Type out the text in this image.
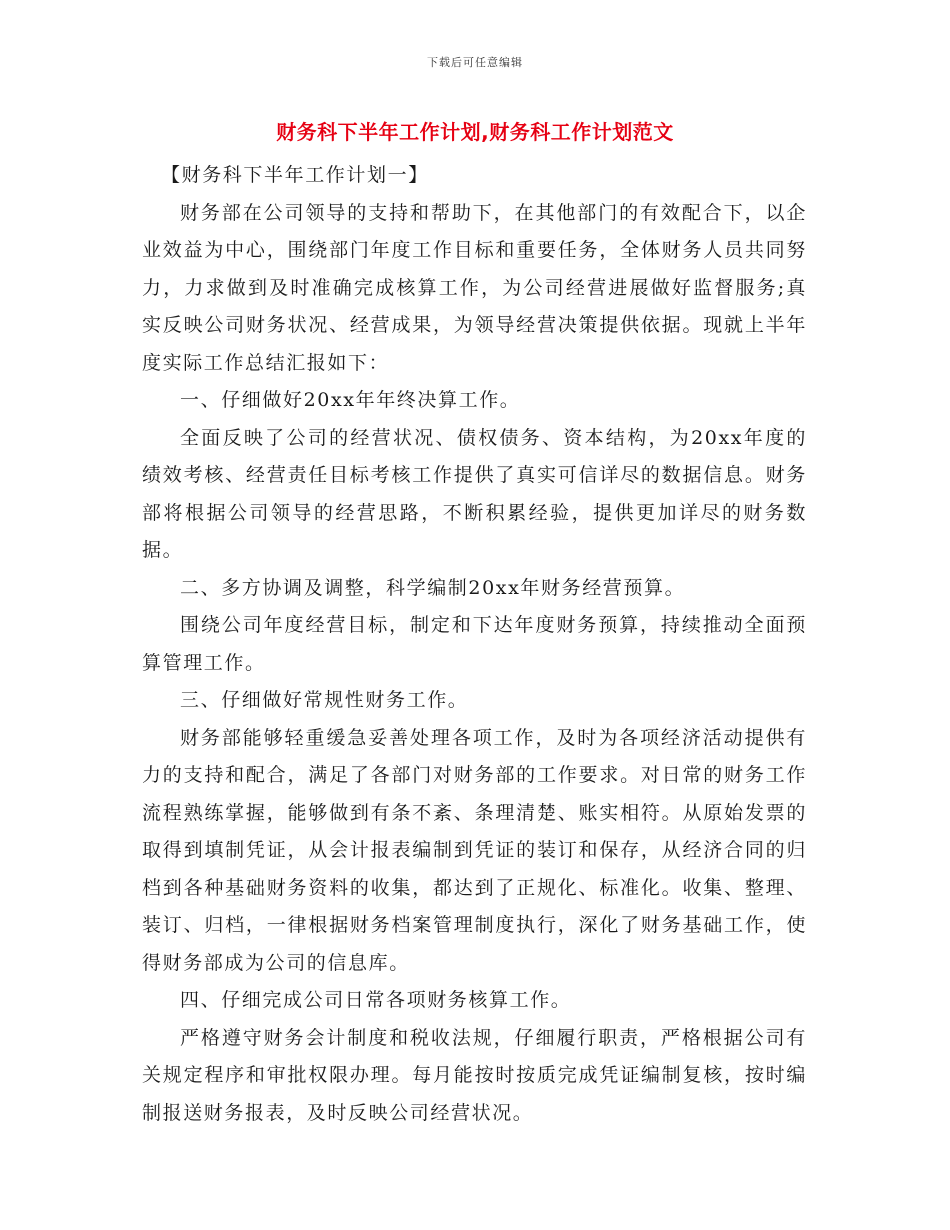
下载后可任意编辑
财务科下半年工作计划,财务科工作计划范文

【财务科下半年工作计划一】

财务部在公司领导的支持和帮助下，在其他部门的有效配合下，以企业效益为中心，围绕部门年度工作目标和重要任务，全体财务人员共同努力，力求做到及时准确完成核算工作，为公司经营进展做好监督服务;真实反映公司财务状况、经营成果，为领导经营决策提供依据。现就上半年度实际工作总结汇报如下：

一、仔细做好20xx年年终决算工作。

全面反映了公司的经营状况、债权债务、资本结构，为20xx年度的绩效考核、经营责任目标考核工作提供了真实可信详尽的数据信息。财务部将根据公司领导的经营思路，不断积累经验，提供更加详尽的财务数据。

二、多方协调及调整，科学编制20xx年财务经营预算。

围绕公司年度经营目标，制定和下达年度财务预算，持续推动全面预算管理工作。

三、仔细做好常规性财务工作。

财务部能够轻重缓急妥善处理各项工作，及时为各项经济活动提供有力的支持和配合，满足了各部门对财务部的工作要求。对日常的财务工作流程熟练掌握，能够做到有条不紊、条理清楚、账实相符。从原始发票的取得到填制凭证，从会计报表编制到凭证的装订和保存，从经济合同的归档到各种基础财务资料的收集，都达到了正规化、标准化。收集、整理、装订、归档，一律根据财务档案管理制度执行，深化了财务基础工作，使得财务部成为公司的信息库。

四、仔细完成公司日常各项财务核算工作。

严格遵守财务会计制度和税收法规，仔细履行职责，严格根据公司有关规定程序和审批权限办理。每月能按时按质完成凭证编制复核，按时编制报送财务报表，及时反映公司经营状况。
